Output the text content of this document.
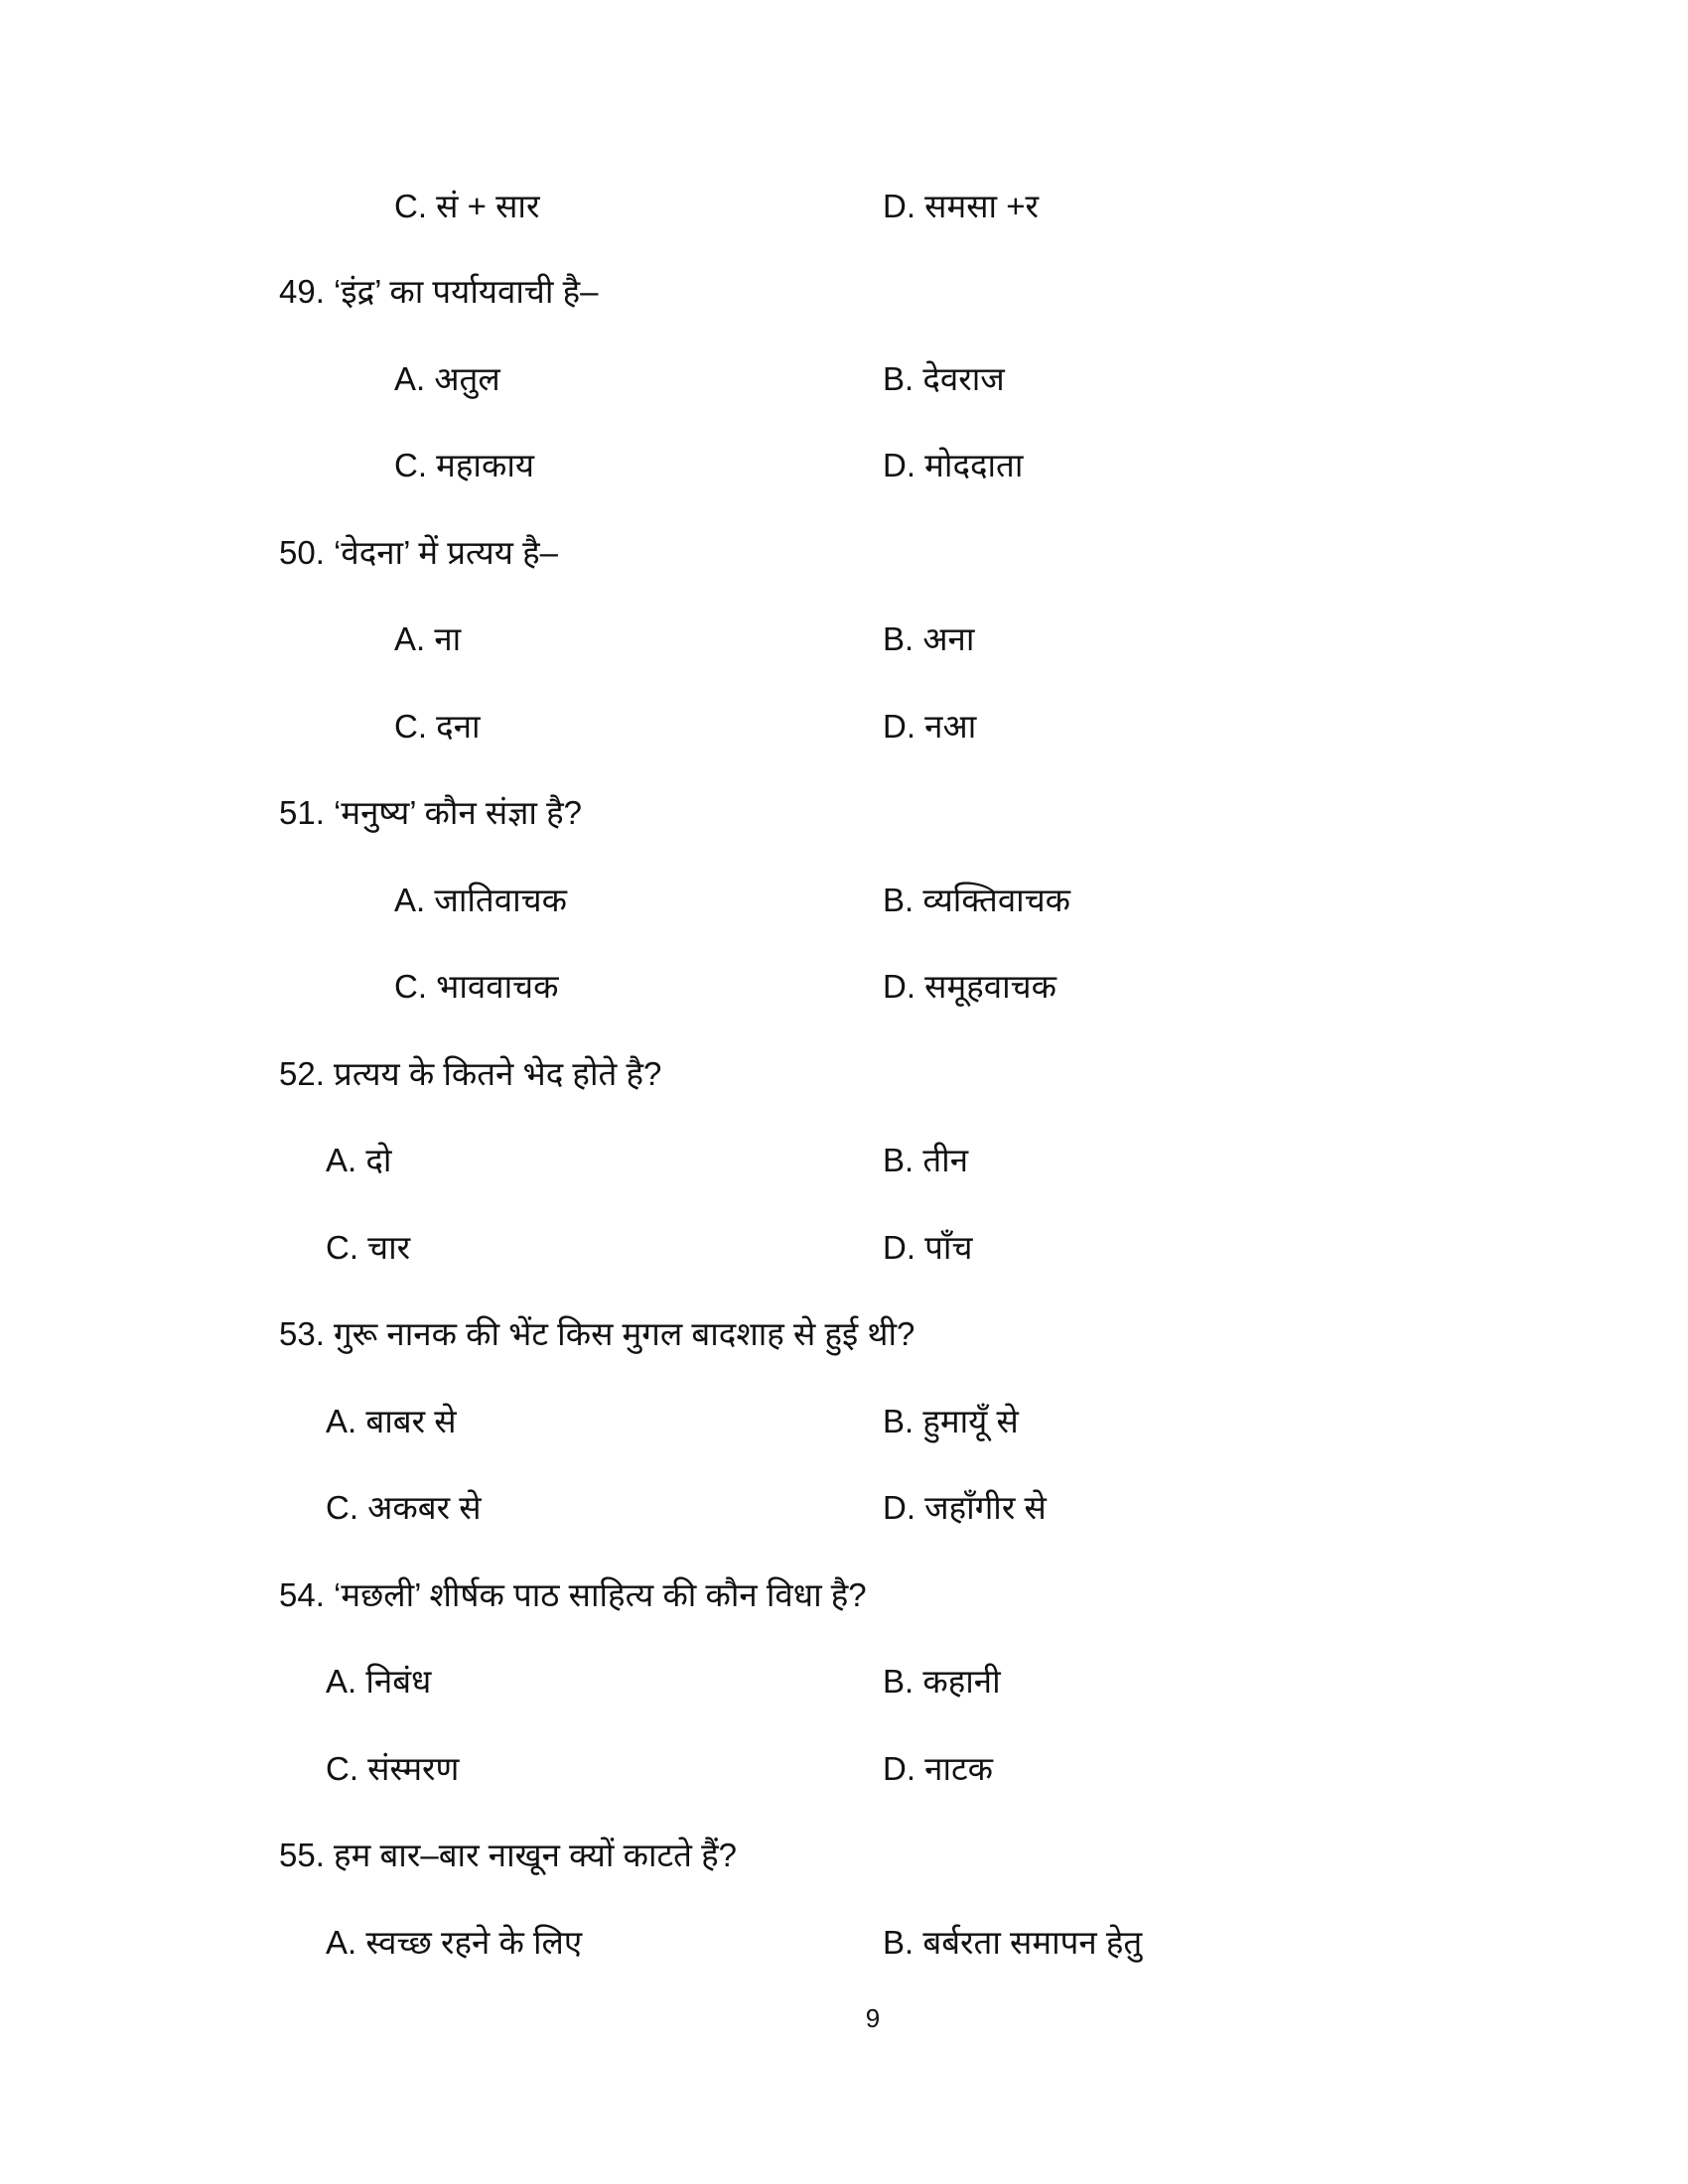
C. सं + सार	D. समसा +र
49. ‘इंद्र’ का पर्यायवाची है–
A. अतुल	B. देवराज
C. महाकाय	D. मोददाता
50. ‘वेदना’ में प्रत्यय है–
A. ना	B. अना
C. दना	D. नआ
51. ‘मनुष्य’ कौन संज्ञा है?
A. जातिवाचक	B. व्यक्तिवाचक
C. भाववाचक	D. समूहवाचक
52. प्रत्यय के कितने भेद होते है?
A. दो	B. तीन
C. चार	D. पाँच
53. गुरू नानक की भेंट किस मुगल बादशाह से हुई थी?
A. बाबर से	B. हुमायूँ से
C. अकबर से	D. जहाँगीर से
54. ‘मछली’ शीर्षक पाठ साहित्य की कौन विधा है?
A. निबंध	B. कहानी
C. संस्मरण	D. नाटक
55. हम बार–बार नाखून क्यों काटते हैं?
A. स्वच्छ रहने के लिए	B. बर्बरता समापन हेतु
9
